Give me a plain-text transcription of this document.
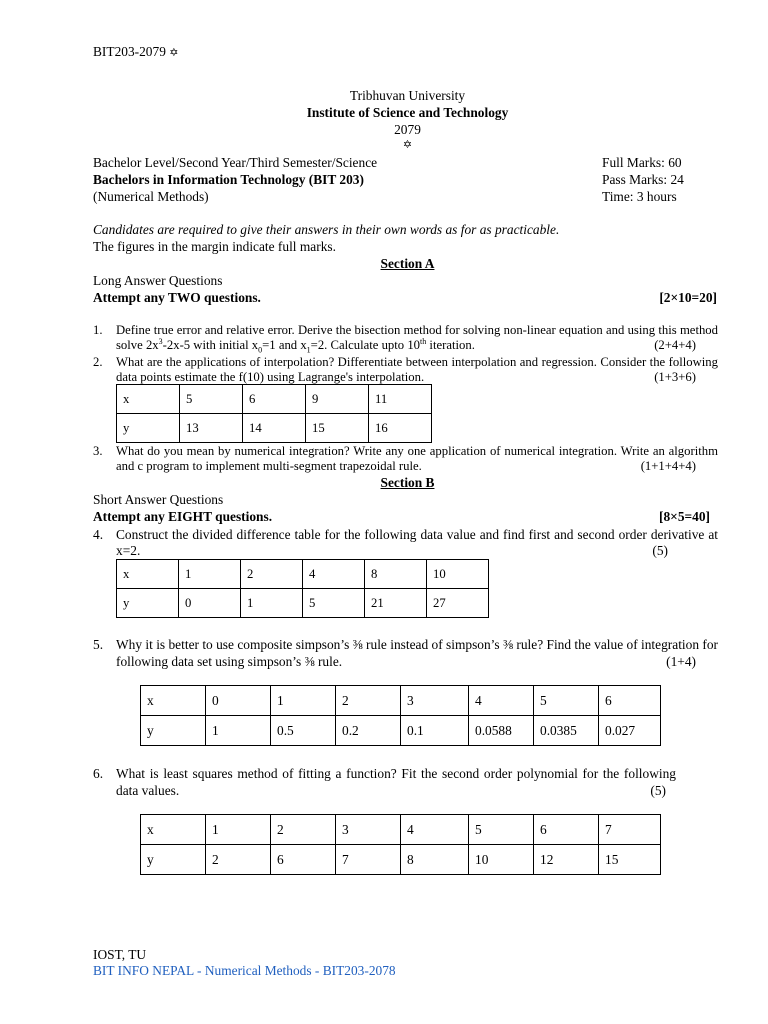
BIT203-2079 ✡
Tribhuvan University
Institute of Science and Technology
2079
✡
Bachelor Level/Second Year/Third Semester/Science
Bachelors in Information Technology (BIT 203)
(Numerical Methods)
Full Marks: 60
Pass Marks: 24
Time: 3 hours
Candidates are required to give their answers in their own words as for as practicable.
The figures in the margin indicate full marks.
Section A
Long Answer Questions
Attempt any TWO questions.	[2×10=20]
1. Define true error and relative error. Derive the bisection method for solving non-linear equation and using this method solve $2x^3-2x-5$ with initial $x_0=1$ and $x_1=2$. Calculate upto 10th iteration.	(2+4+4)
2. What are the applications of interpolation? Differentiate between interpolation and regression. Consider the following data points estimate the f(10) using Lagrange's interpolation.	(1+3+6)
x	5	6	9	11
y	13	14	15	16
3. What do you mean by numerical integration? Write any one application of numerical integration. Write an algorithm and c program to implement multi-segment trapezoidal rule.	(1+1+4+4)
Section B
Short Answer Questions
Attempt any EIGHT questions.	[8×5=40]
4. Construct the divided difference table for the following data value and find first and second order derivative at x=2.	(5)
x	1	2	4	8	10
y	0	1	5	21	27
5. Why it is better to use composite simpson’s ⅜ rule instead of simpson’s ⅜ rule? Find the value of integration for following data set using simpson’s ⅜ rule.	(1+4)
x	0	1	2	3	4	5	6
y	1	0.5	0.2	0.1	0.0588	0.0385	0.027
6. What is least squares method of fitting a function? Fit the second order polynomial for the following data values.	(5)
x	1	2	3	4	5	6	7
y	2	6	7	8	10	12	15
IOST, TU
BIT INFO NEPAL - Numerical Methods - BIT203-2078
